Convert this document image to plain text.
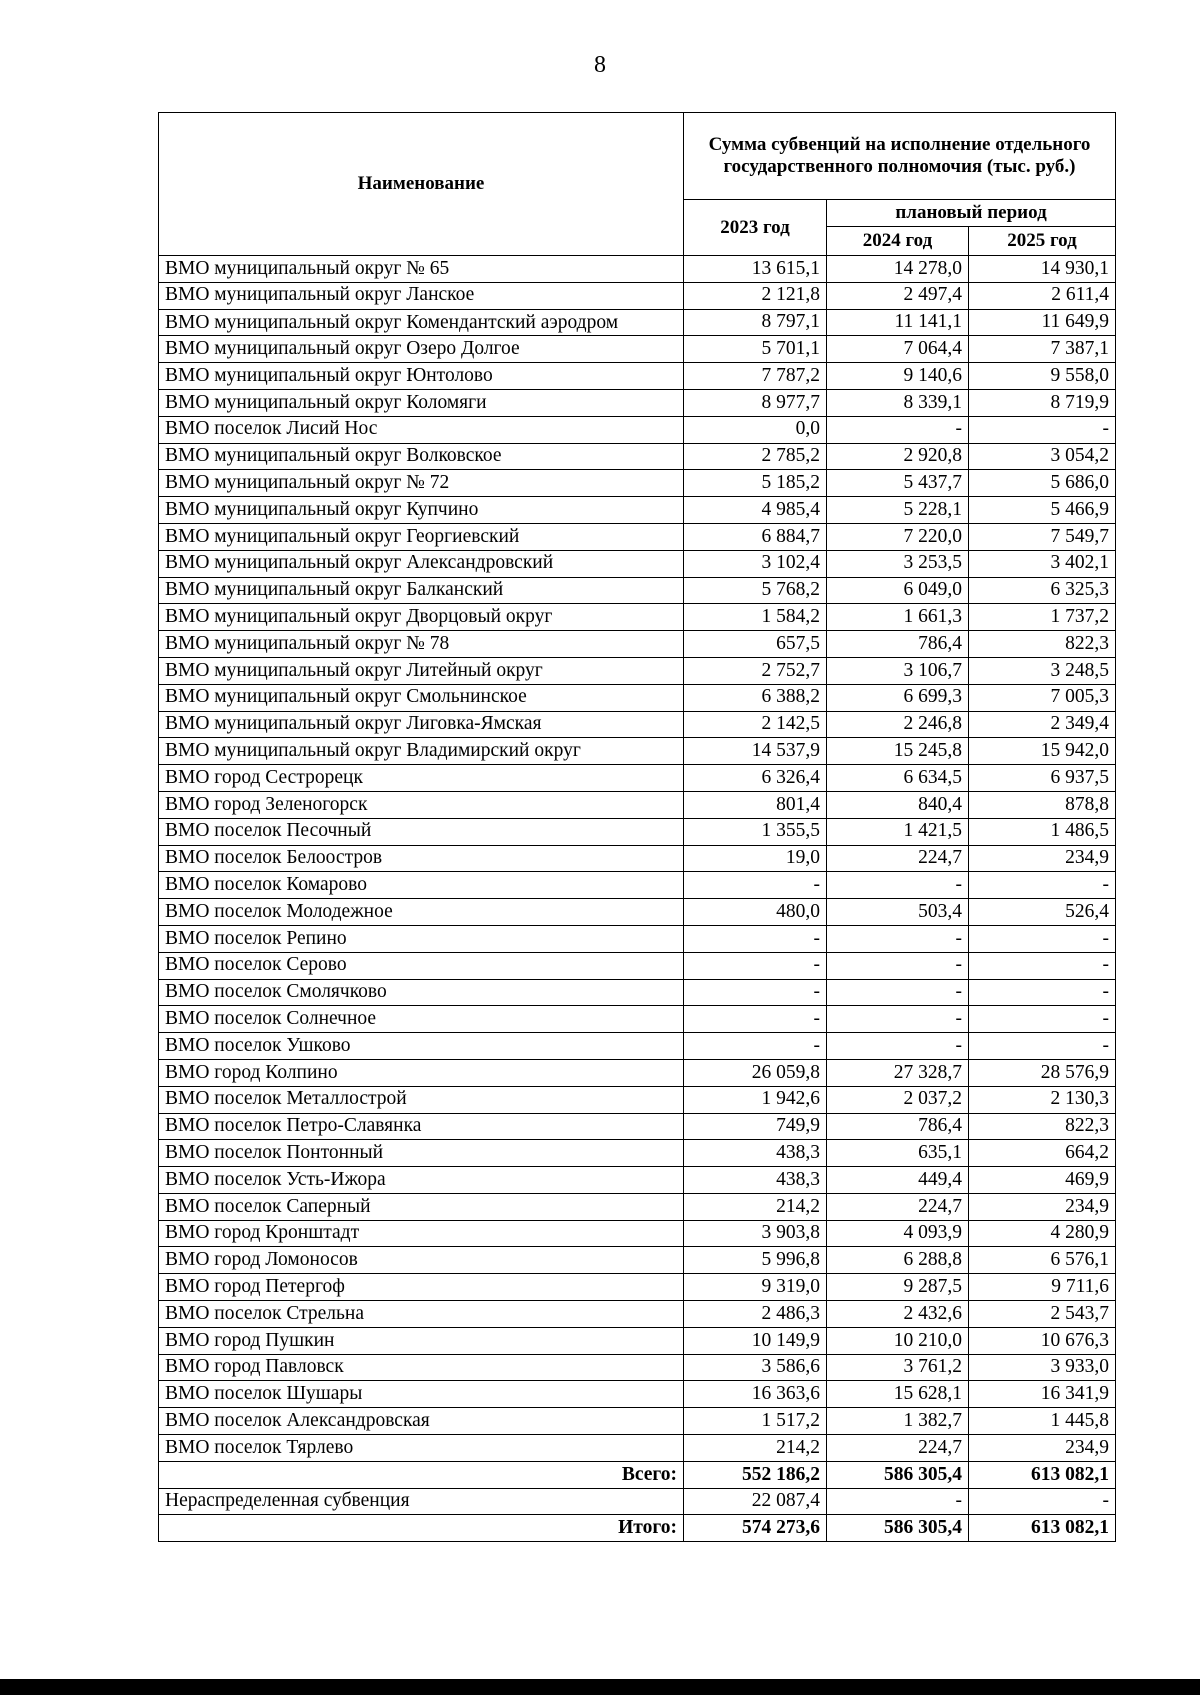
8
Наименование	Сумма субвенций на исполнение отдельного государственного полномочия (тыс. руб.)		
	2023 год	плановый период	
		2024 год	2025 год
ВМО муниципальный округ № 65	13 615,1	14 278,0	14 930,1
ВМО муниципальный округ Ланское	2 121,8	2 497,4	2 611,4
ВМО муниципальный округ Комендантский аэродром	8 797,1	11 141,1	11 649,9
ВМО муниципальный округ Озеро Долгое	5 701,1	7 064,4	7 387,1
ВМО муниципальный округ Юнтолово	7 787,2	9 140,6	9 558,0
ВМО муниципальный округ Коломяги	8 977,7	8 339,1	8 719,9
ВМО поселок Лисий Нос	0,0	-	-
ВМО муниципальный округ Волковское	2 785,2	2 920,8	3 054,2
ВМО муниципальный округ № 72	5 185,2	5 437,7	5 686,0
ВМО муниципальный округ Купчино	4 985,4	5 228,1	5 466,9
ВМО муниципальный округ Георгиевский	6 884,7	7 220,0	7 549,7
ВМО муниципальный округ Александровский	3 102,4	3 253,5	3 402,1
ВМО муниципальный округ Балканский	5 768,2	6 049,0	6 325,3
ВМО муниципальный округ Дворцовый округ	1 584,2	1 661,3	1 737,2
ВМО муниципальный округ № 78	657,5	786,4	822,3
ВМО муниципальный округ Литейный округ	2 752,7	3 106,7	3 248,5
ВМО муниципальный округ Смольнинское	6 388,2	6 699,3	7 005,3
ВМО муниципальный округ Лиговка-Ямская	2 142,5	2 246,8	2 349,4
ВМО муниципальный округ Владимирский округ	14 537,9	15 245,8	15 942,0
ВМО город Сестрорецк	6 326,4	6 634,5	6 937,5
ВМО город Зеленогорск	801,4	840,4	878,8
ВМО поселок Песочный	1 355,5	1 421,5	1 486,5
ВМО поселок Белоостров	19,0	224,7	234,9
ВМО поселок Комарово	-	-	-
ВМО поселок Молодежное	480,0	503,4	526,4
ВМО поселок Репино	-	-	-
ВМО поселок Серово	-	-	-
ВМО поселок Смолячково	-	-	-
ВМО поселок Солнечное	-	-	-
ВМО поселок Ушково	-	-	-
ВМО город Колпино	26 059,8	27 328,7	28 576,9
ВМО поселок Металлострой	1 942,6	2 037,2	2 130,3
ВМО поселок Петро-Славянка	749,9	786,4	822,3
ВМО поселок Понтонный	438,3	635,1	664,2
ВМО поселок Усть-Ижора	438,3	449,4	469,9
ВМО поселок Саперный	214,2	224,7	234,9
ВМО город Кронштадт	3 903,8	4 093,9	4 280,9
ВМО город Ломоносов	5 996,8	6 288,8	6 576,1
ВМО город Петергоф	9 319,0	9 287,5	9 711,6
ВМО поселок Стрельна	2 486,3	2 432,6	2 543,7
ВМО город Пушкин	10 149,9	10 210,0	10 676,3
ВМО город Павловск	3 586,6	3 761,2	3 933,0
ВМО поселок Шушары	16 363,6	15 628,1	16 341,9
ВМО поселок Александровская	1 517,2	1 382,7	1 445,8
ВМО поселок Тярлево	214,2	224,7	234,9
Всего:	552 186,2	586 305,4	613 082,1
Нераспределенная субвенция	22 087,4	-	-
Итого:	574 273,6	586 305,4	613 082,1
